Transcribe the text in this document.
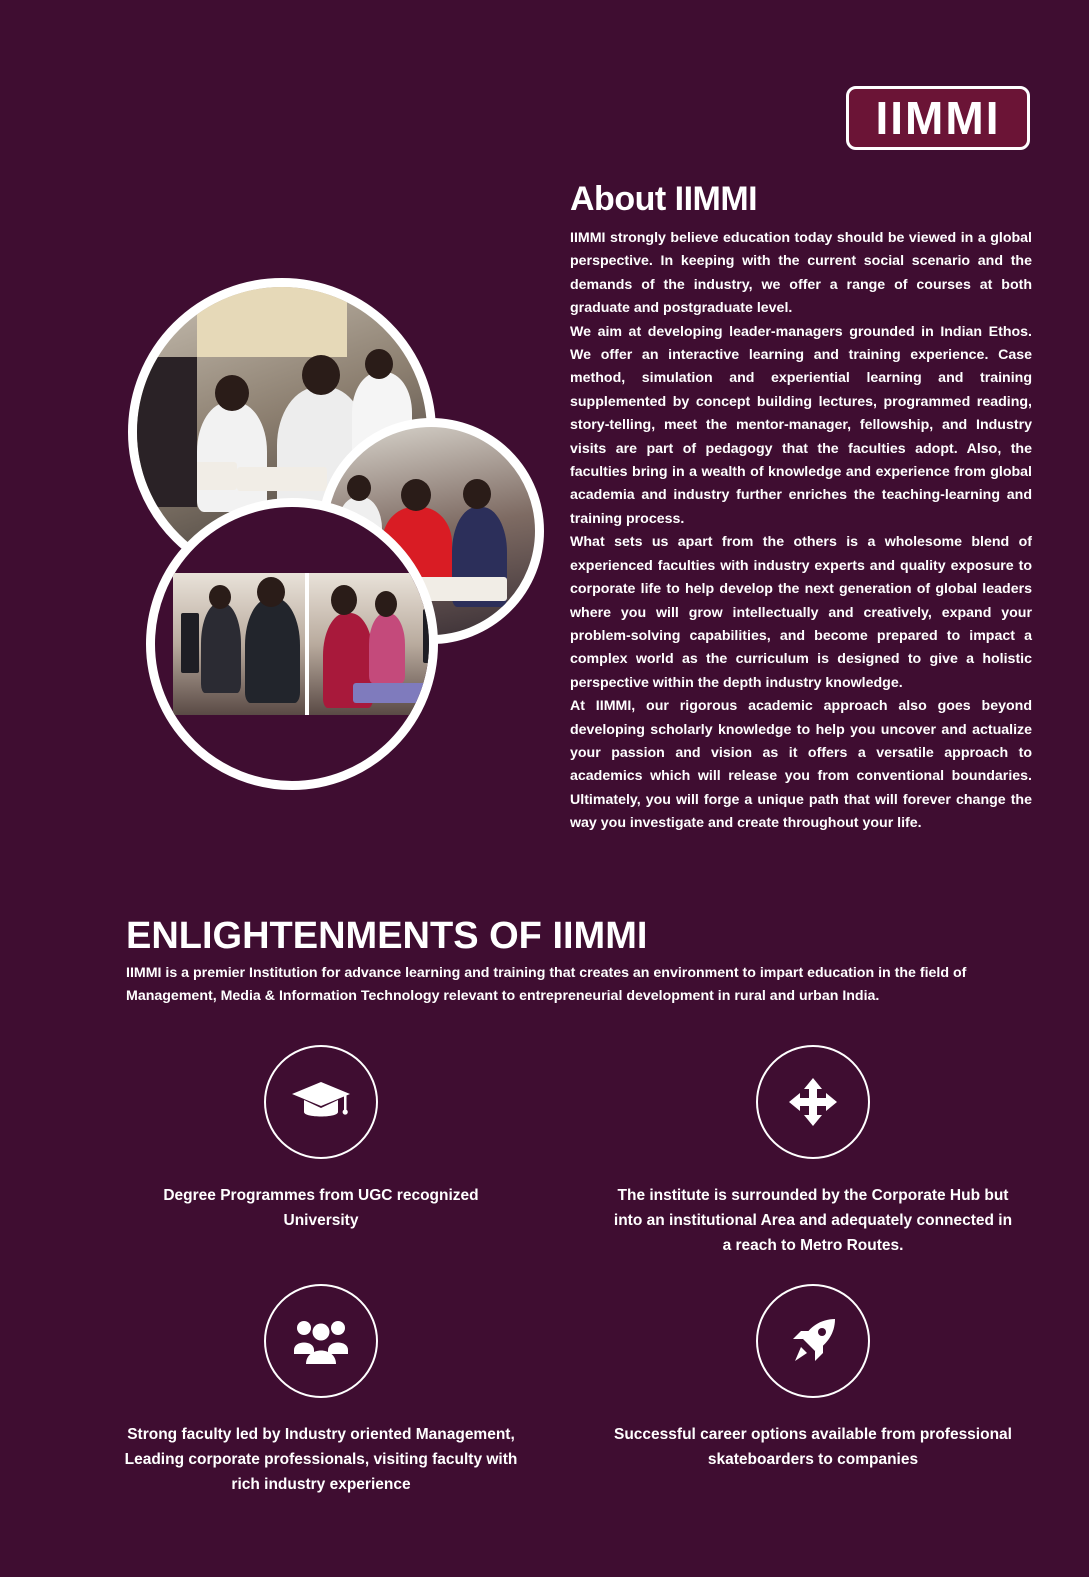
IIMMI
About IIMMI

IIMMI strongly believe education today should be viewed in a global perspective. In keeping with the current social scenario and the demands of the industry, we offer a range of courses at both graduate and postgraduate level.

We aim at developing leader-managers grounded in Indian Ethos. We offer an interactive learning and training experience. Case method, simulation and experiential learning and training supplemented by concept building lectures, programmed reading, story-telling, meet the mentor-manager, fellowship, and Industry visits are part of pedagogy that the faculties adopt. Also, the faculties bring in a wealth of knowledge and experience from global academia and industry further enriches the teaching-learning and training process.

What sets us apart from the others is a wholesome blend of experienced faculties with industry experts and quality exposure to corporate life to help develop the next generation of global leaders where you will grow intellectually and creatively, expand your problem-solving capabilities, and become prepared to impact a complex world as the curriculum is designed to give a holistic perspective within the depth industry knowledge.

At IIMMI, our rigorous academic approach also goes beyond developing scholarly knowledge to help you uncover and actualize your passion and vision as it offers a versatile approach to academics which will release you from conventional boundaries. Ultimately, you will forge a unique path that will forever change the way you investigate and create throughout your life.

ENLIGHTENMENTS OF IIMMI
IIMMI is a premier Institution for advance learning and training that creates an environment to impart education in the field of Management, Media & Information Technology relevant to entrepreneurial development in rural and urban India.
Degree Programmes from UGC recognized University
The institute is surrounded by the Corporate Hub but into an institutional Area and adequately connected in a reach to Metro Routes.
Strong faculty led by Industry oriented Management, Leading corporate professionals, visiting faculty with rich industry experience
Successful career options available from professional skateboarders to companies
